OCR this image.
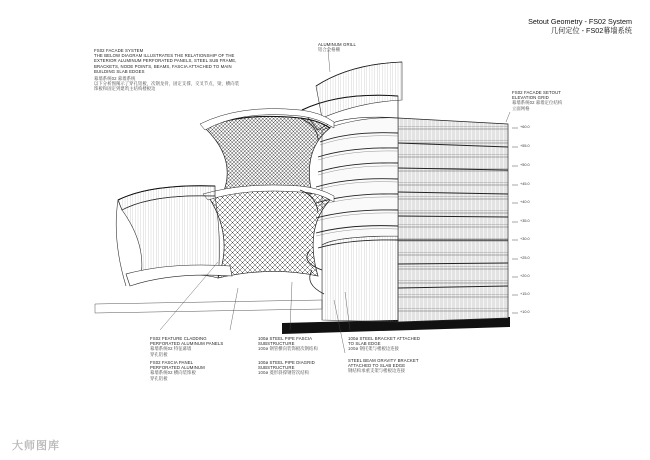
Setout Geometry - FS02 System
几何定位 - FS02幕墙系统
+60.0
+55.0
+50.0
+45.0
+40.0
+35.0
+30.0
+25.0
+20.0
+15.0
+10.0
FS02 FACADE SYSTEM
THE BELOW DIAGRAM ILLUSTRATES THE RELATIONSHIP OF THE
EXTERIOR ALUMINUM PERFORATED PANELS, STEEL SUB FRAME,
BRACKETS, NODE POINTS, BEAMS, FASCIA ATTACHED TO MAIN
BUILDING SLAB EDGES
幕墙系统02 幕墙系统
以下分析图阐示了穿孔铝板，次钢龙骨，固定支撑，交叉节点，梁，横向装
饰板和固定到建筑主结构楼板边
ALUMINUM GRILL
铝合金格栅
FS02 FACADE SETOUT
ELEVATION GRID
幕墙系统02 幕墙定位结构
立面网格
FS02 FEATURE CLADDING
PERFORATED ALUMINUM PANELS
幕墙系统02 特征幕墙
穿孔铝板
FS02 FASCIA PANEL
PERFORATED ALUMINUM
幕墙系统02 横向装饰板
穿孔铝板
100ø STEEL PIPE FASCIA
SUBSTRUCTURE
100ø 钢管横向装饰板次钢结构
100ø STEEL PIPE DIAGRID
SUBSTRUCTURE
100ø 菱形斜撑钢管次结构
100ø STEEL BRACKET ATTACHED
TO SLAB EDGE
100ø 钢托架与楼板边连接
STEEL BEAM GRAVITY BRACKET
ATTACHED TO SLAB EDGE
钢结构承重支架与楼板边连接
大师图库
